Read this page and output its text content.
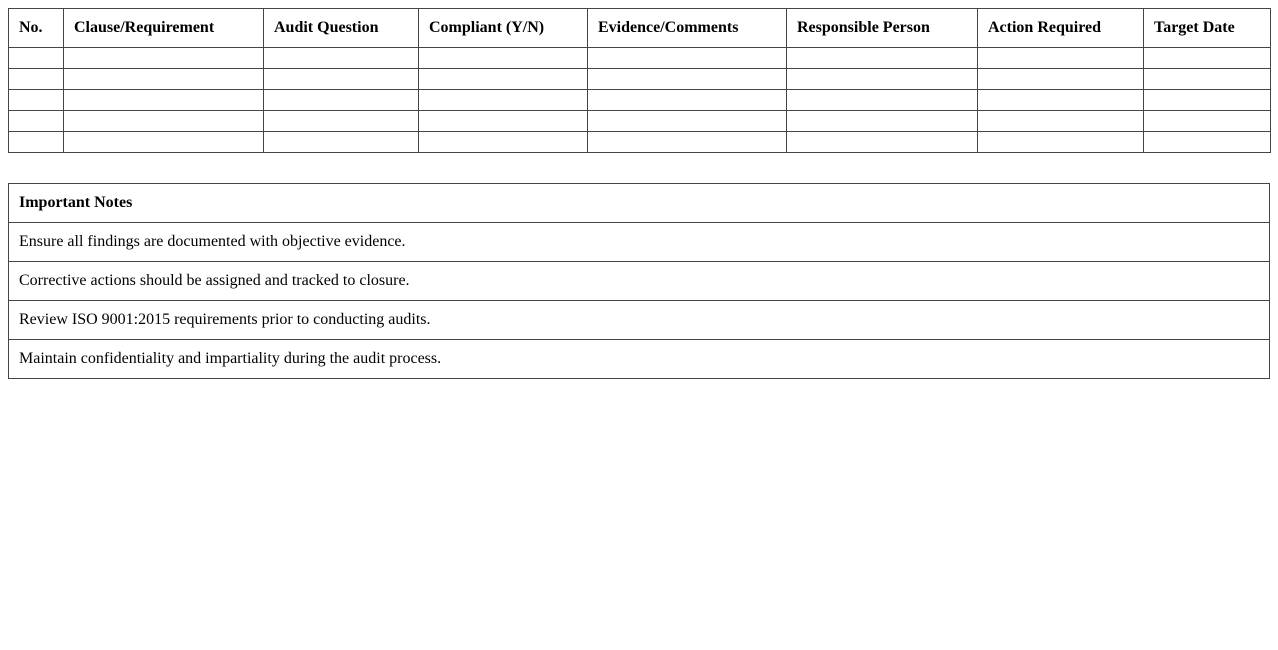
No.	Clause/Requirement	Audit Question	Compliant (Y/N)	Evidence/Comments	Responsible Person	Action Required	Target Date

Important Notes
Ensure all findings are documented with objective evidence.
Corrective actions should be assigned and tracked to closure.
Review ISO 9001:2015 requirements prior to conducting audits.
Maintain confidentiality and impartiality during the audit process.
